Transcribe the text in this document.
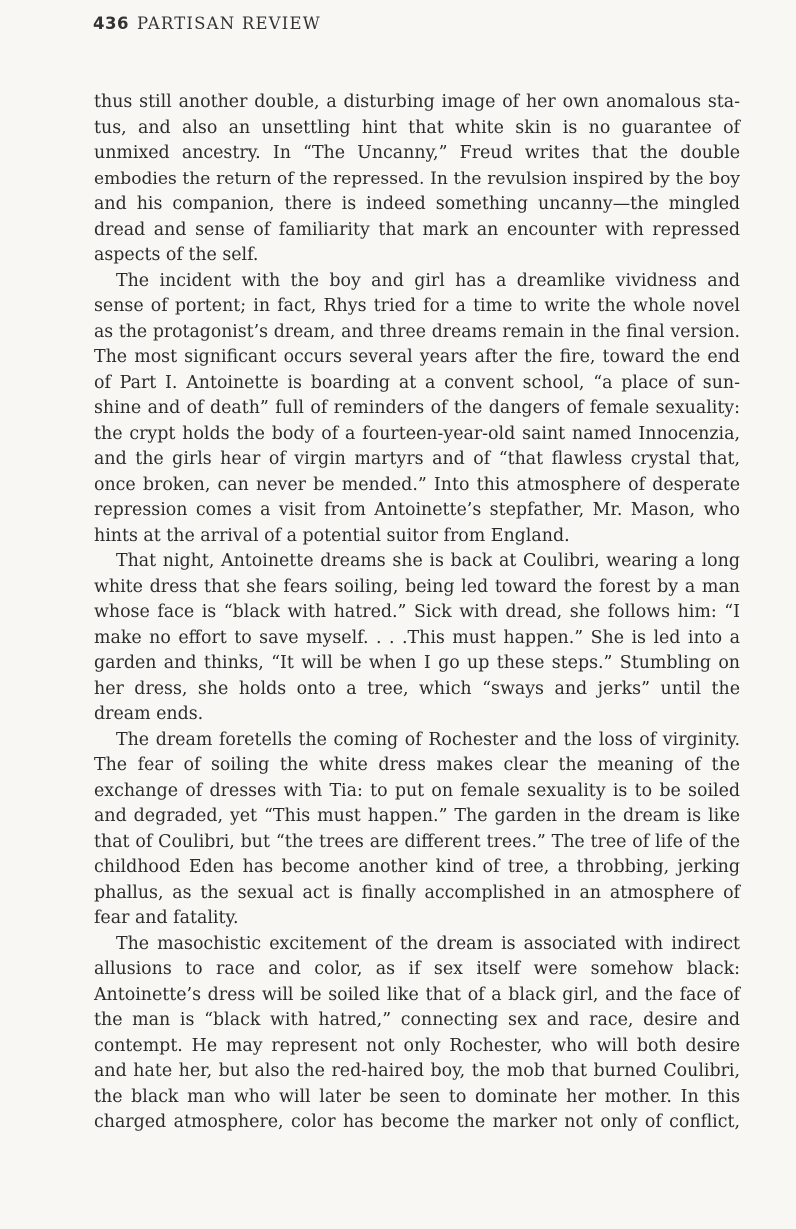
436 PARTISAN REVIEW
thus still another double, a disturbing image of her own anomalous sta-
tus, and also an unsettling hint that white skin is no guarantee of
unmixed ancestry. In “The Uncanny,” Freud writes that the double
embodies the return of the repressed. In the revulsion inspired by the boy
and his companion, there is indeed something uncanny—the mingled
dread and sense of familiarity that mark an encounter with repressed
aspects of the self.
The incident with the boy and girl has a dreamlike vividness and
sense of portent; in fact, Rhys tried for a time to write the whole novel
as the protagonist’s dream, and three dreams remain in the final version.
The most significant occurs several years after the fire, toward the end
of Part I. Antoinette is boarding at a convent school, “a place of sun-
shine and of death” full of reminders of the dangers of female sexuality:
the crypt holds the body of a fourteen-year-old saint named Innocenzia,
and the girls hear of virgin martyrs and of “that flawless crystal that,
once broken, can never be mended.” Into this atmosphere of desperate
repression comes a visit from Antoinette’s stepfather, Mr. Mason, who
hints at the arrival of a potential suitor from England.
That night, Antoinette dreams she is back at Coulibri, wearing a long
white dress that she fears soiling, being led toward the forest by a man
whose face is “black with hatred.” Sick with dread, she follows him: “I
make no effort to save myself. . . .This must happen.” She is led into a
garden and thinks, “It will be when I go up these steps.” Stumbling on
her dress, she holds onto a tree, which “sways and jerks” until the
dream ends.
The dream foretells the coming of Rochester and the loss of virginity.
The fear of soiling the white dress makes clear the meaning of the
exchange of dresses with Tia: to put on female sexuality is to be soiled
and degraded, yet “This must happen.” The garden in the dream is like
that of Coulibri, but “the trees are different trees.” The tree of life of the
childhood Eden has become another kind of tree, a throbbing, jerking
phallus, as the sexual act is finally accomplished in an atmosphere of
fear and fatality.
The masochistic excitement of the dream is associated with indirect
allusions to race and color, as if sex itself were somehow black:
Antoinette’s dress will be soiled like that of a black girl, and the face of
the man is “black with hatred,” connecting sex and race, desire and
contempt. He may represent not only Rochester, who will both desire
and hate her, but also the red-haired boy, the mob that burned Coulibri,
the black man who will later be seen to dominate her mother. In this
charged atmosphere, color has become the marker not only of conflict,
